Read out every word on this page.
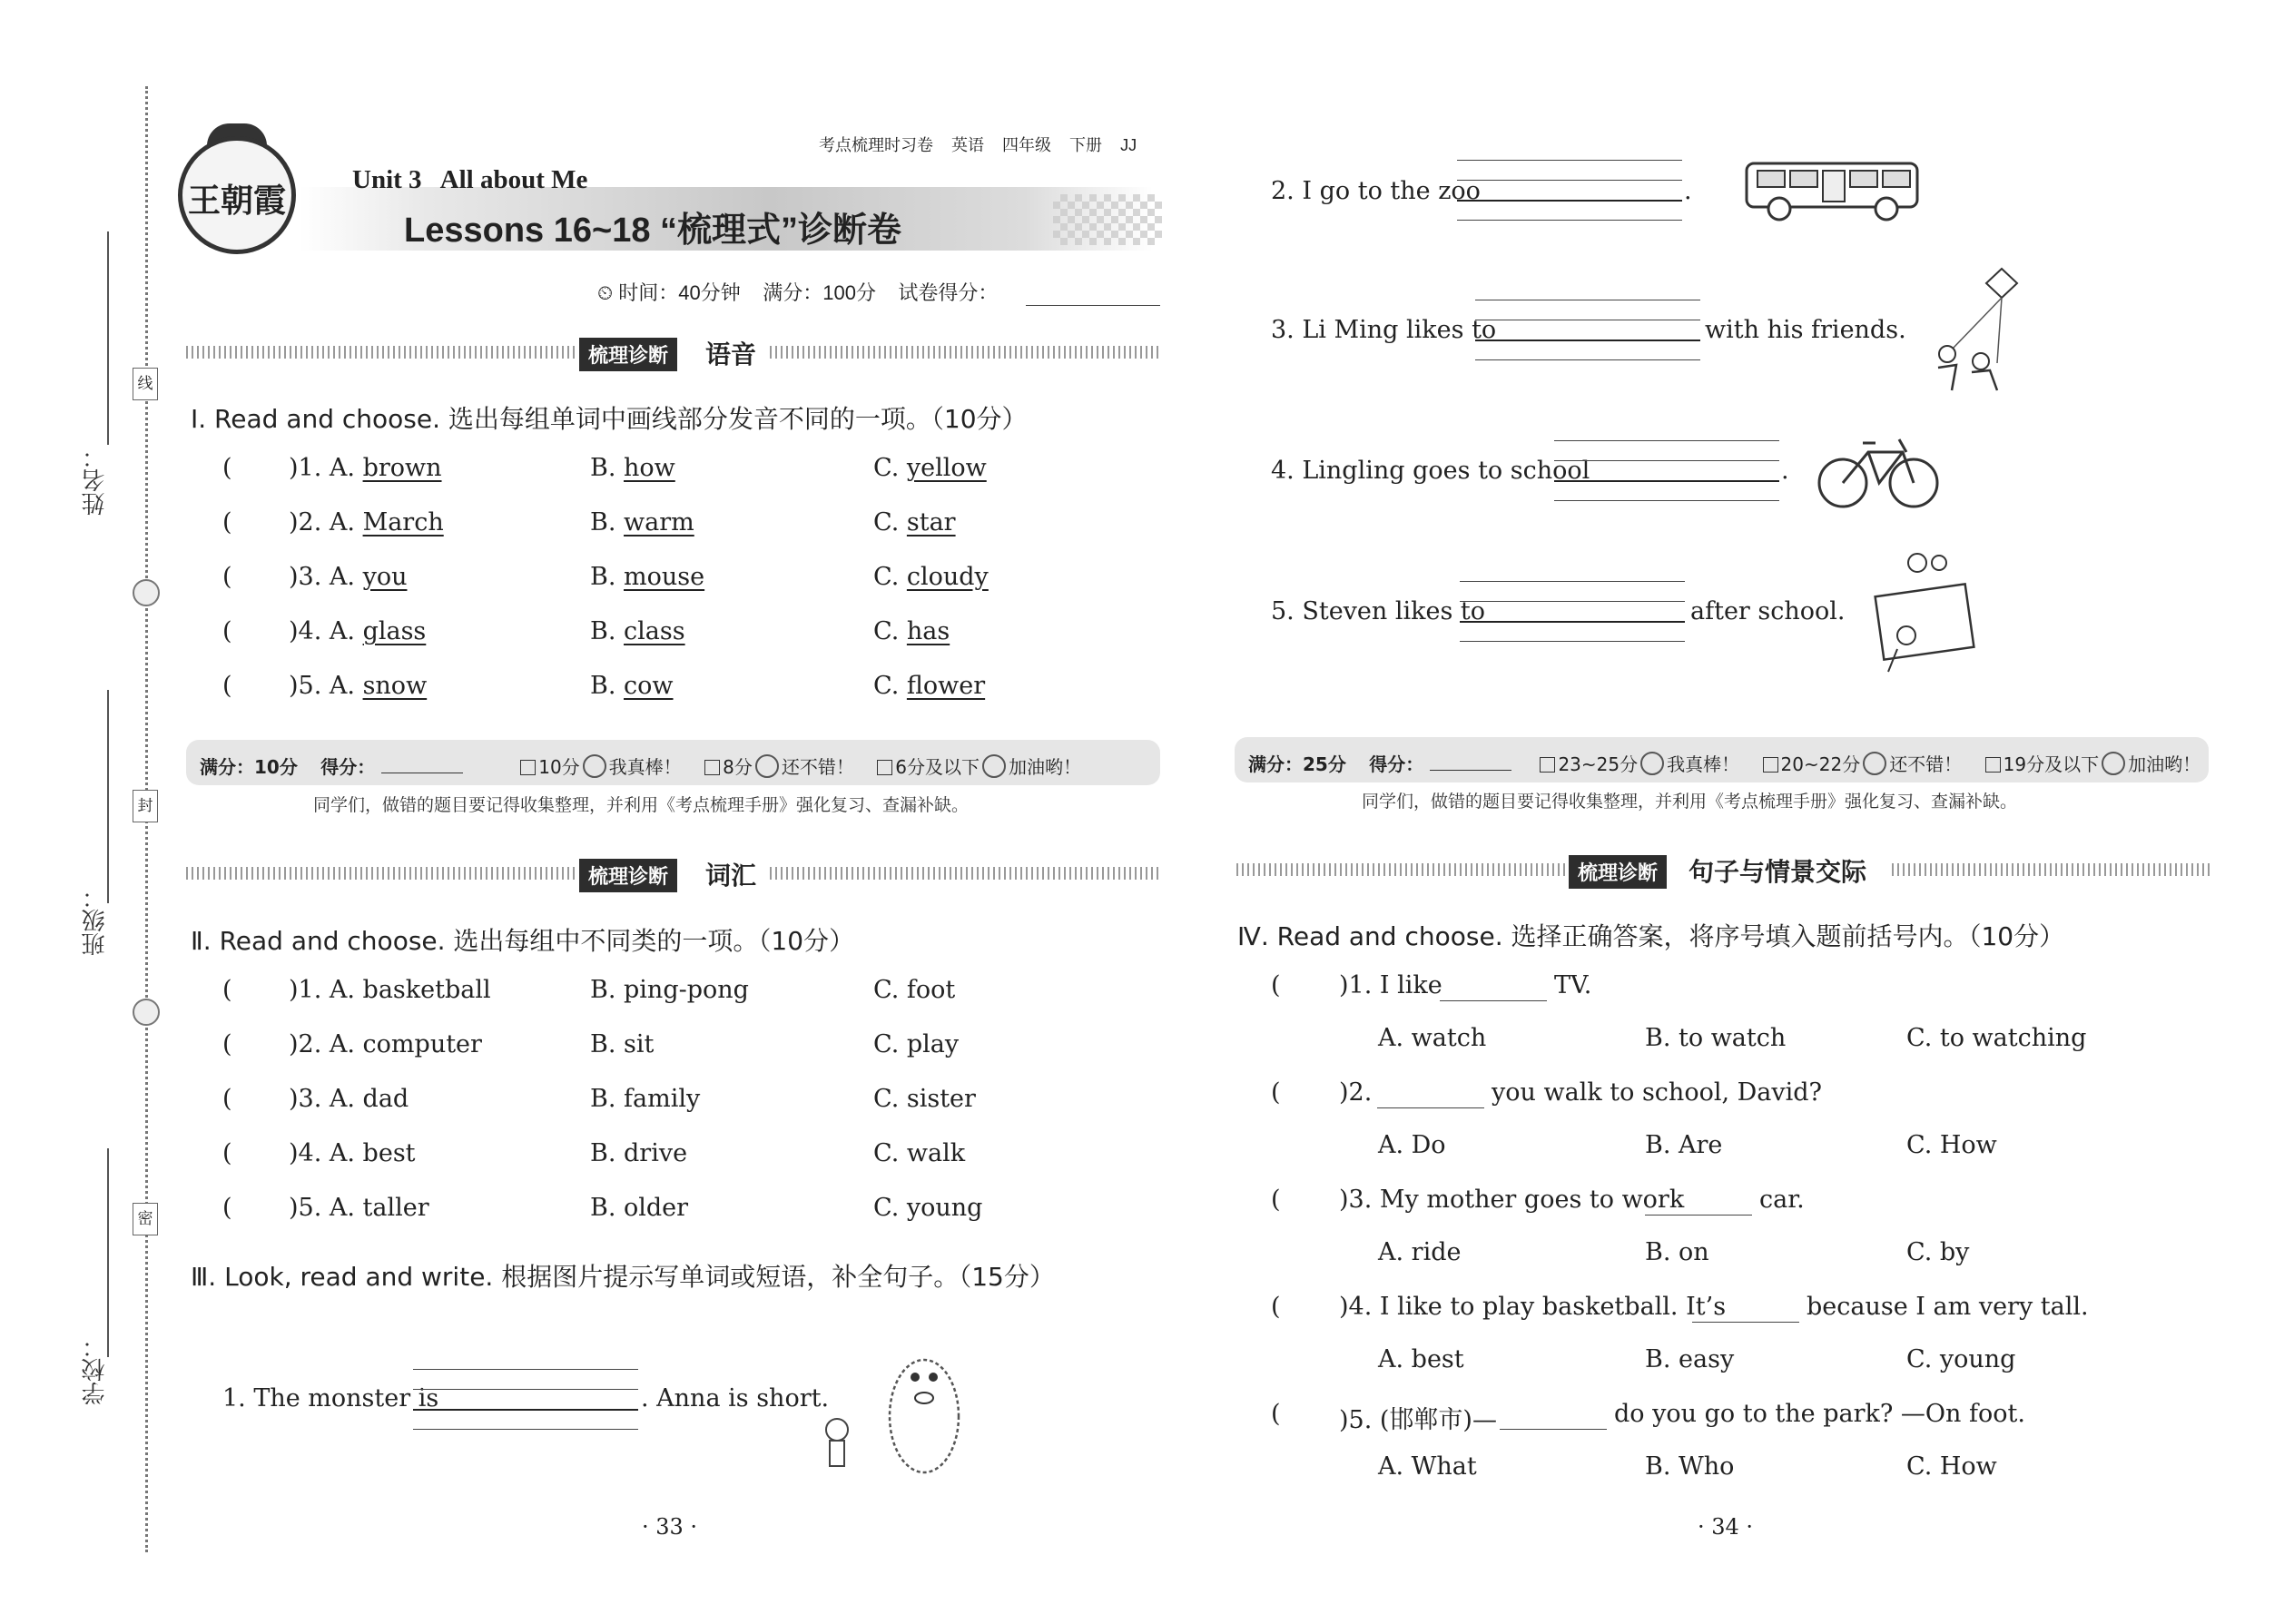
姓名：
班级：
学校：
线
封
密
王朝霞
考点梳理时习卷 英语 四年级 下册 JJ
Unit 3   All about Me
Lessons 16~18 “梳理式”诊断卷
⏲ 时间：40分钟 满分：100分 试卷得分：
梳理诊断	语音
Ⅰ. Read and choose. 选出每组单词中画线部分发音不同的一项。（10分）
( )1. A. brown	B. how	C. yellow
( )2. A. March	B. warm	C. star
( )3. A. you	B. mouse	C. cloudy
( )4. A. glass	B. class	C. has
( )5. A. snow	B. cow	C. flower
满分：10分 得分：	10分 我真棒！ 8分 还不错！ 6分及以下 加油哟！
同学们，做错的题目要记得收集整理，并利用《考点梳理手册》强化复习、查漏补缺。
梳理诊断	词汇
Ⅱ. Read and choose. 选出每组中不同类的一项。（10分）
( )1. A. basketball	B. ping-pong	C. foot
( )2. A. computer	B. sit	C. play
( )3. A. dad	B. family	C. sister
( )4. A. best	B. drive	C. walk
( )5. A. taller	B. older	C. young
Ⅲ. Look, read and write. 根据图片提示写单词或短语，补全句子。（15分）
1. The monster is	. Anna is short.
· 33 ·
2. I go to the zoo	.
3. Li Ming likes to	with his friends.
4. Lingling goes to school	.
5. Steven likes to	after school.
满分：25分 得分：	23~25分 我真棒！ 20~22分 还不错！ 19分及以下 加油哟！
同学们，做错的题目要记得收集整理，并利用《考点梳理手册》强化复习、查漏补缺。
梳理诊断	句子与情景交际
Ⅳ. Read and choose. 选择正确答案，将序号填入题前括号内。（10分）
( )1. I like	TV.
A. watch	B. to watch	C. to watching
( )2.	you walk to school, David?
A. Do	B. Are	C. How
( )3. My mother goes to work	car.
A. ride	B. on	C. by
( )4. I like to play basketball. It’s	because I am very tall.
A. best	B. easy	C. young
( )5. (邯郸市)—	do you go to the park? —On foot.
A. What	B. Who	C. How
· 34 ·
